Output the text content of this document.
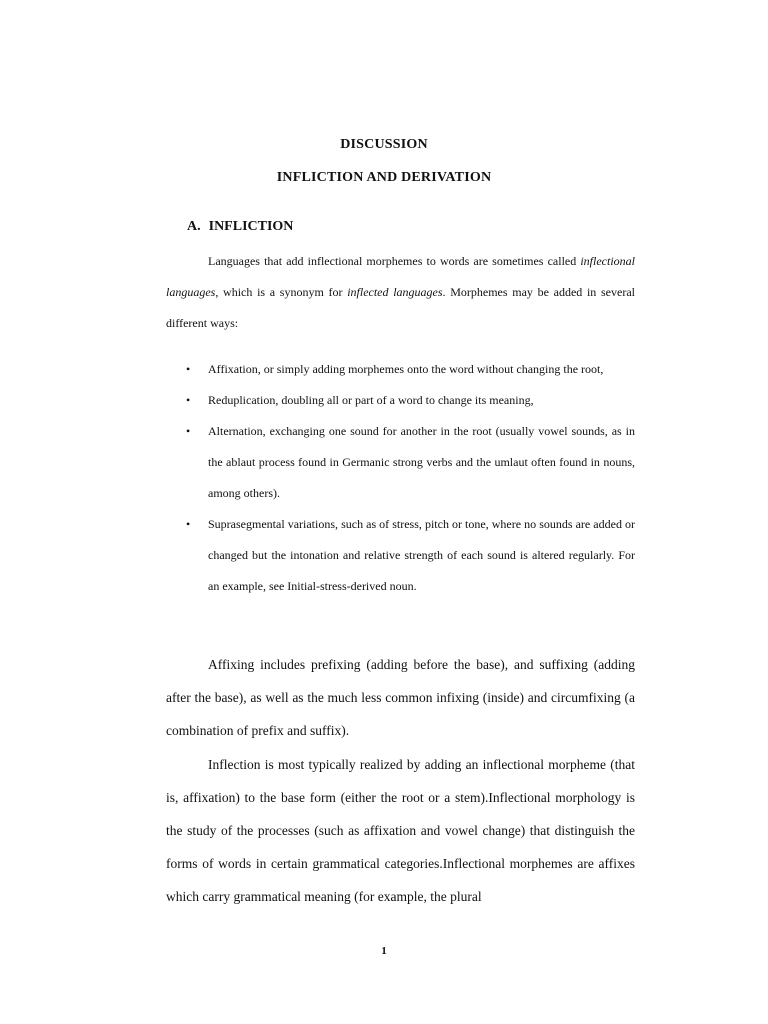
DISCUSSION
INFLICTION AND DERIVATION
A. INFLICTION
Languages that add inflectional morphemes to words are sometimes called inflectional languages, which is a synonym for inflected languages. Morphemes may be added in several different ways:
• Affixation, or simply adding morphemes onto the word without changing the root,
• Reduplication, doubling all or part of a word to change its meaning,
• Alternation, exchanging one sound for another in the root (usually vowel sounds, as in the ablaut process found in Germanic strong verbs and the umlaut often found in nouns, among others).
• Suprasegmental variations, such as of stress, pitch or tone, where no sounds are added or changed but the intonation and relative strength of each sound is altered regularly. For an example, see Initial-stress-derived noun.
Affixing includes prefixing (adding before the base), and suffixing (adding after the base), as well as the much less common infixing (inside) and circumfixing (a combination of prefix and suffix).
Inflection is most typically realized by adding an inflectional morpheme (that is, affixation) to the base form (either the root or a stem).Inflectional morphology is the study of the processes (such as affixation and vowel change) that distinguish the forms of words in certain grammatical categories.Inflectional morphemes are affixes which carry grammatical meaning (for example, the plural
1
